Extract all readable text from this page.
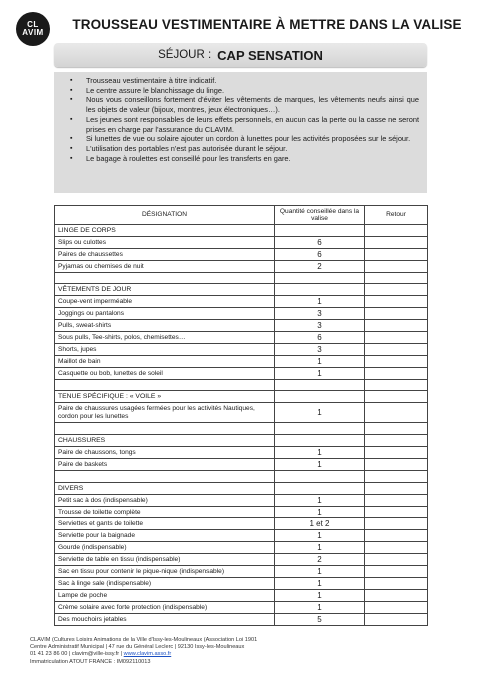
CL AVIM
TROUSSEAU VESTIMENTAIRE À METTRE DANS LA VALISE
SÉJOUR : CAP SENSATION
▪ Trousseau vestimentaire à titre indicatif.
▪ Le centre assure le blanchissage du linge.
▪ Nous vous conseillons fortement d'éviter les vêtements de marques, les vêtements neufs ainsi que les objets de valeur (bijoux, montres, jeux électroniques…).
▪ Les jeunes sont responsables de leurs effets personnels, en aucun cas la perte ou la casse ne seront prises en charge par l'assurance du CLAVIM.
▪ Si lunettes de vue ou solaire ajouter un cordon à lunettes pour les activités proposées sur le séjour.
▪ L'utilisation des portables n'est pas autorisée durant le séjour.
▪ Le bagage à roulettes est conseillé pour les transferts en gare.
DÉSIGNATION	Quantité conseillée dans la valise	Retour
LINGE DE CORPS		
Slips ou culottes	6	
Paires de chaussettes	6	
Pyjamas ou chemises de nuit	2	

VÊTEMENTS DE JOUR		
Coupe-vent imperméable	1	
Joggings ou pantalons	3	
Pulls, sweat-shirts	3	
Sous pulls, Tee-shirts, polos, chemisettes…	6	
Shorts, jupes	3	
Maillot de bain	1	
Casquette ou bob, lunettes de soleil	1	

TENUE SPÉCIFIQUE : « VOILE »		
Paire de chaussures usagées fermées pour les activités Nautiques, cordon pour les lunettes	1	

CHAUSSURES		
Paire de chaussons, tongs	1	
Paire de baskets	1	

DIVERS		
Petit sac à dos (indispensable)	1	
Trousse de toilette complète	1	
Serviettes et gants de toilette	1 et 2	
Serviette pour la baignade	1	
Gourde (indispensable)	1	
Serviette de table en tissu (indispensable)	2	
Sac en tissu pour contenir le pique-nique (indispensable)	1	
Sac à linge sale (indispensable)	1	
Lampe de poche	1	
Crème solaire avec forte protection (indispensable)	1	
Des mouchoirs jetables	5	
CLAVIM (Cultures Loisirs Animations de la Ville d'Issy-les-Moulineaux (Association Loi 1901
Centre Administratif Municipal | 47 rue du Général Leclerc | 92130 Issy-les-Moulineaux
01 41 23 86 00 | clavim@ville-issy.fr | www.clavim.asso.fr
Immatriculation ATOUT FRANCE : IM092110013
